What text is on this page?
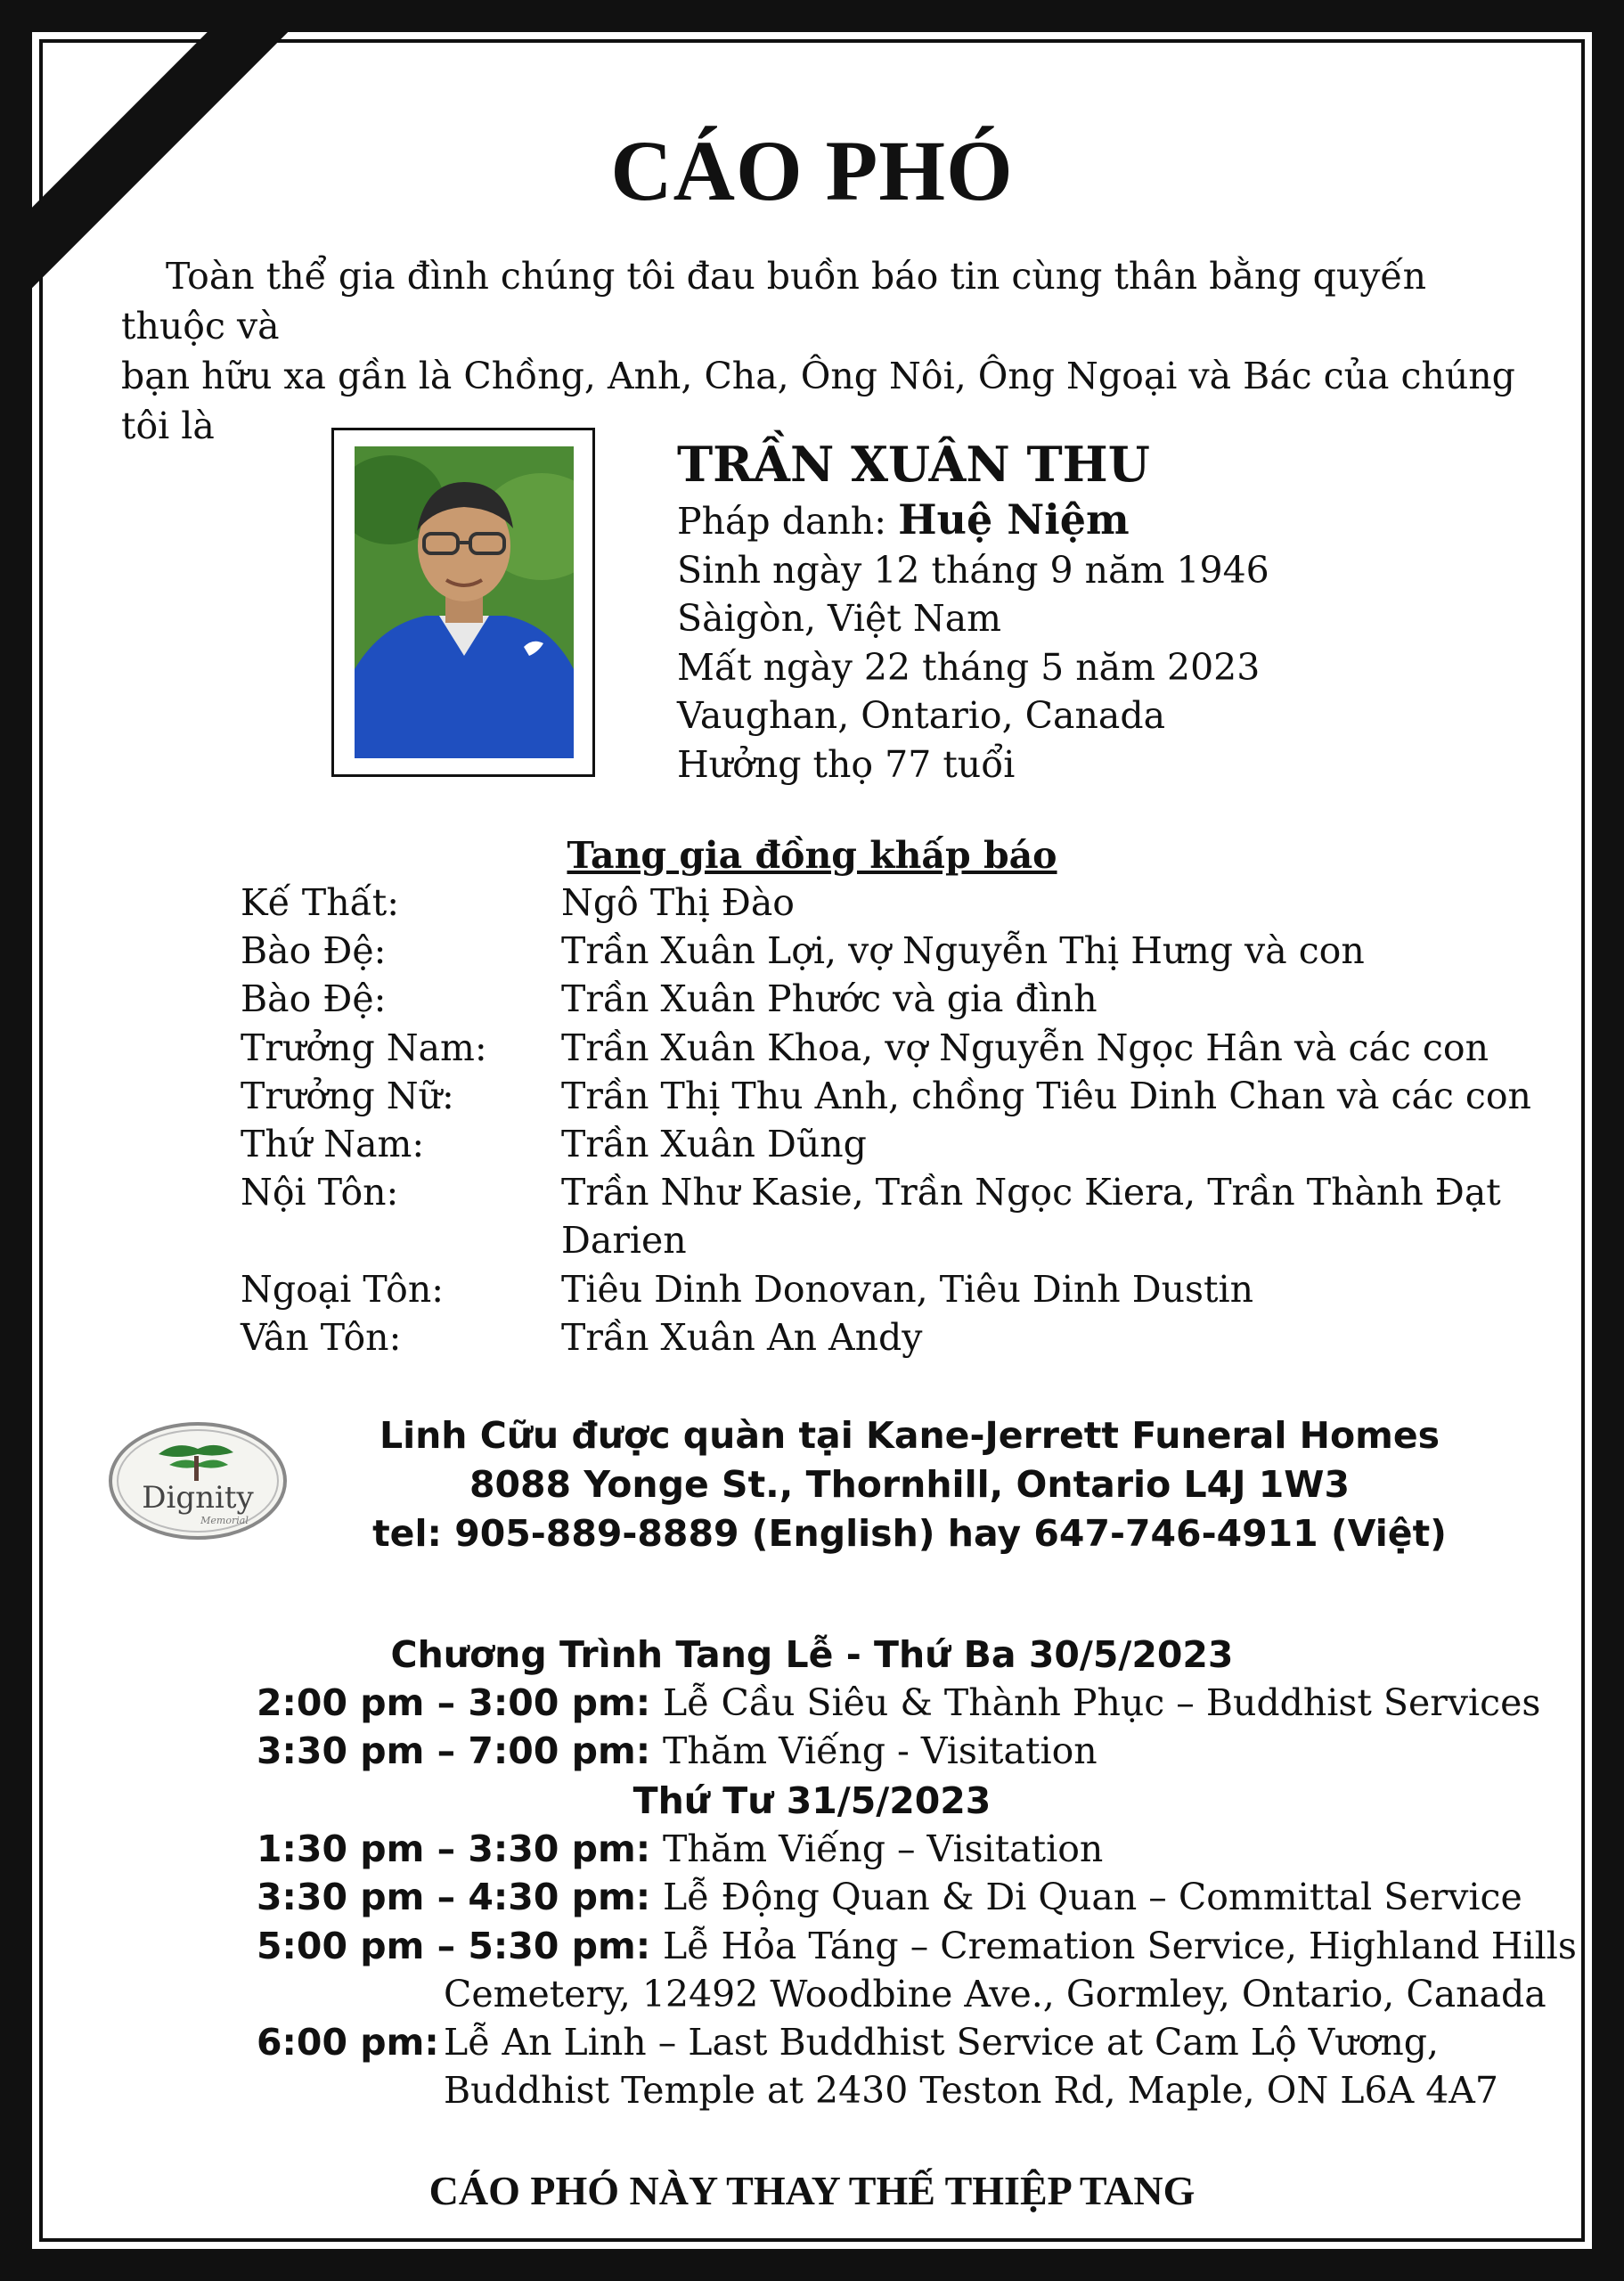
CÁO PHÓ

Toàn thể gia đình chúng tôi đau buồn báo tin cùng thân bằng quyến thuộc và

bạn hữu xa gần là Chồng, Anh, Cha, Ông Nôi, Ông Ngoại và Bác của chúng tôi là

TRẦN XUÂN THU
Pháp danh: Huệ Niệm
Sinh ngày 12 tháng 9 năm 1946
Sàigòn, Việt Nam
Mất ngày 22 tháng 5 năm 2023
Vaughan, Ontario, Canada
Hưởng thọ 77 tuổi
Tang gia đồng khấp báo
Kế Thất:	Ngô Thị Đào
Bào Đệ:	Trần Xuân Lợi, vợ Nguyễn Thị Hưng và con
Bào Đệ:	Trần Xuân Phước và gia đình
Trưởng Nam:	Trần Xuân Khoa, vợ Nguyễn Ngọc Hân và các con
Trưởng Nữ:	Trần Thị Thu Anh, chồng Tiêu Dinh Chan và các con
Thứ Nam:	Trần Xuân Dũng
Nội Tôn:	Trần Như Kasie, Trần Ngọc Kiera, Trần Thành Đạt
Darien
Ngoại Tôn:	Tiêu Dinh Donovan, Tiêu Dinh Dustin
Vân Tôn:	Trần Xuân An Andy
Dignity
Memorial
Linh Cữu được quàn tại Kane-Jerrett Funeral Homes
8088 Yonge St., Thornhill, Ontario L4J 1W3
tel: 905-889-8889 (English) hay 647-746-4911 (Việt)
Chương Trình Tang Lễ - Thứ Ba 30/5/2023
2:00 pm – 3:00 pm: Lễ Cầu Siêu & Thành Phục – Buddhist Services
3:30 pm – 7:00 pm: Thăm Viếng - Visitation
Thứ Tư 31/5/2023
1:30 pm – 3:30 pm: Thăm Viếng – Visitation
3:30 pm – 4:30 pm: Lễ Động Quan & Di Quan – Committal Service
5:00 pm – 5:30 pm: Lễ Hỏa Táng – Cremation Service, Highland Hills
Cemetery, 12492 Woodbine Ave., Gormley, Ontario, Canada
6:00 pm: Lễ An Linh – Last Buddhist Service at Cam Lộ Vương,
Buddhist Temple at 2430 Teston Rd, Maple, ON L6A 4A7
CÁO PHÓ NÀY THAY THẾ THIỆP TANG
